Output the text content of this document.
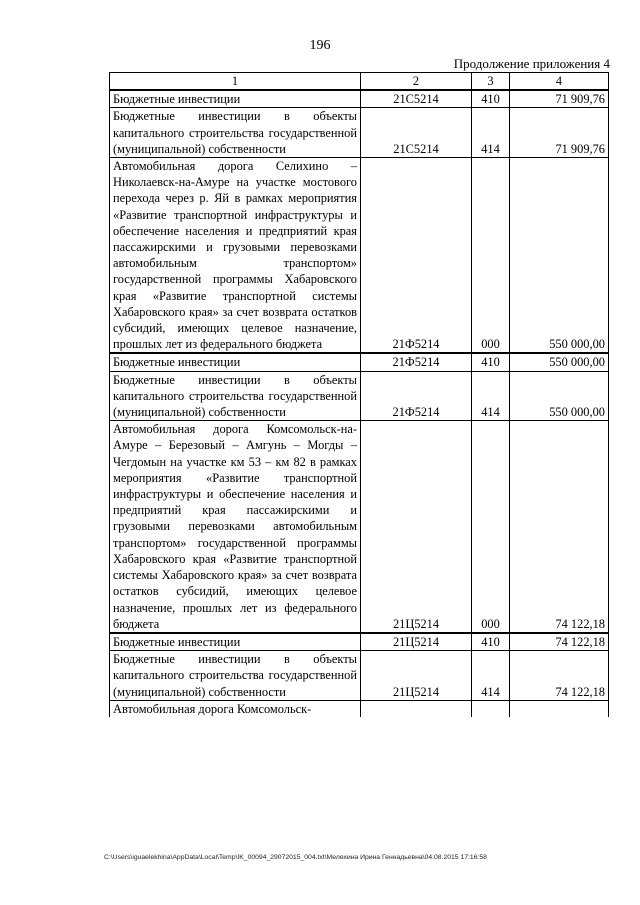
196
Продолжение приложения 4
1	2	3	4
Бюджетные инвестиции	21С5214	410	71 909,76
Бюджетные инвестиции в объекты капитального строительства государственной (муниципальной) собственности	21С5214	414	71 909,76
Автомобильная дорога Селихино – Николаевск-на-Амуре на участке мостового перехода через р. Яй в рамках мероприятия «Развитие транспортной инфраструктуры и обеспечение населения и предприятий края пассажирскими и грузовыми перевозками автомобильным транспортом» государственной программы Хабаровского края «Развитие транспортной системы Хабаровского края» за счет возврата остатков субсидий, имеющих целевое назначение, прошлых лет из федерального бюджета	21Ф5214	000	550 000,00
Бюджетные инвестиции	21Ф5214	410	550 000,00
Бюджетные инвестиции в объекты капитального строительства государственной (муниципальной) собственности	21Ф5214	414	550 000,00
Автомобильная дорога Комсомольск-на-Амуре – Березовый – Амгунь – Могды – Чегдомын на участке км 53 – км 82 в рамках мероприятия «Развитие транспортной инфраструктуры и обеспечение населения и предприятий края пассажирскими и грузовыми перевозками автомобильным транспортом» государственной программы Хабаровского края «Развитие транспортной системы Хабаровского края» за счет возврата остатков субсидий, имеющих целевое назначение, прошлых лет из федерального бюджета	21Ц5214	000	74 122,18
Бюджетные инвестиции	21Ц5214	410	74 122,18
Бюджетные инвестиции в объекты капитального строительства государственной (муниципальной) собственности	21Ц5214	414	74 122,18
Автомобильная дорога Комсомольск-			
C:\Users\iguaelekhina\AppData\Local\Temp\IK_00094_29072015_004.txt\Мелехина Ирина Геннадьевна\04.08.2015 17:16:58
